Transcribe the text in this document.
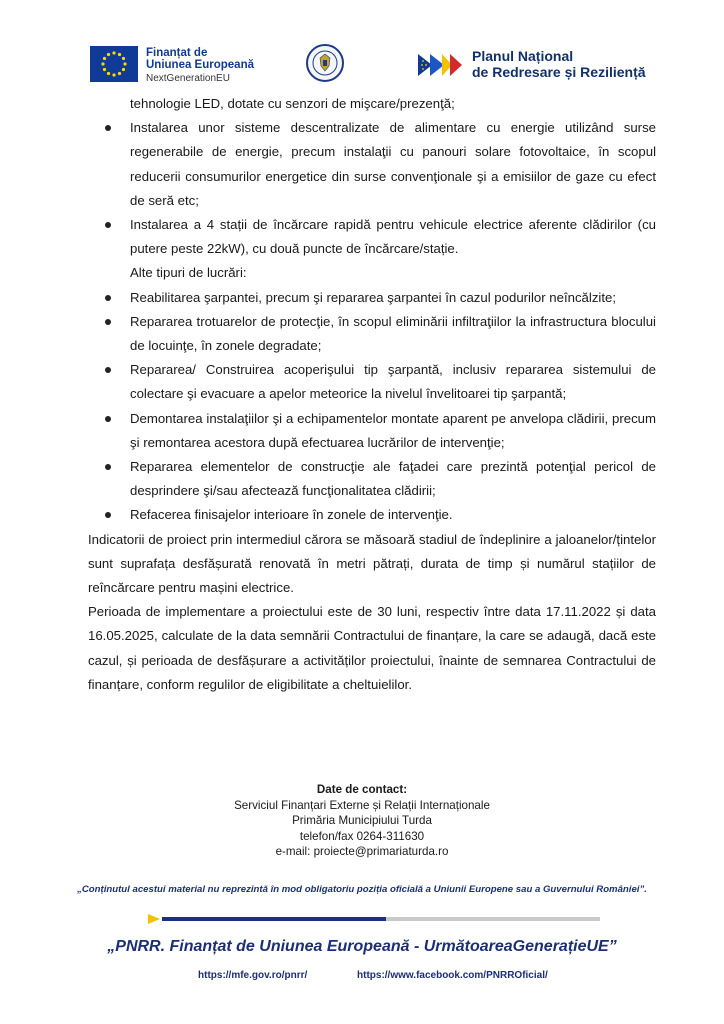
Finanțat de
Uniunea Europeană
NextGenerationEU
Planul Național
de Redresare și Reziliență
tehnologie LED, dotate cu senzori de mişcare/prezenţă;
Instalarea unor sisteme descentralizate de alimentare cu energie utilizând surse regenerabile de energie, precum instalaţii cu panouri solare fotovoltaice, în scopul reducerii consumurilor energetice din surse convenţionale şi a emisiilor de gaze cu efect de seră etc;
Instalarea a 4 stații de încărcare rapidă pentru vehicule electrice aferente clădirilor (cu putere peste 22kW), cu două puncte de încărcare/stație.
Alte tipuri de lucrări:
Reabilitarea şarpantei, precum şi repararea şarpantei în cazul podurilor neîncălzite;
Repararea trotuarelor de protecţie, în scopul eliminării infiltraţiilor la infrastructura blocului de locuinţe, în zonele degradate;
Repararea/ Construirea acoperişului tip şarpantă, inclusiv repararea sistemului de colectare şi evacuare a apelor meteorice la nivelul învelitoarei tip şarpantă;
Demontarea instalaţiilor şi a echipamentelor montate aparent pe anvelopa clădirii, precum şi remontarea acestora după efectuarea lucrărilor de intervenţie;
Repararea elementelor de construcţie ale faţadei care prezintă potenţial pericol de desprindere şi/sau afectează funcţionalitatea clădirii;
Refacerea finisajelor interioare în zonele de intervenţie.

Indicatorii de proiect prin intermediul cărora se măsoară stadiul de îndeplinire a jaloanelor/țintelor sunt suprafața desfășurată renovată în metri pătrați, durata de timp și numărul stațiilor de reîncărcare pentru mașini electrice.

Perioada de implementare a proiectului este de 30 luni, respectiv între data 17.11.2022 și data 16.05.2025, calculate de la data semnării Contractului de finanțare, la care se adaugă, dacă este cazul, și perioada de desfășurare a activităților proiectului, înainte de semnarea Contractului de finanțare, conform regulilor de eligibilitate a cheltuielilor.

Date de contact:
Serviciul Finanțari Externe și Relații Internaționale
Primăria Municipiului Turda
telefon/fax 0264-311630
e-mail: proiecte@primariaturda.ro
„Conținutul acestui material nu reprezintă în mod obligatoriu poziția oficială a Uniunii Europene sau a Guvernului României”.
„PNRR. Finanțat de Uniunea Europeană - UrmătoareaGenerațieUE”
https://mfe.gov.ro/pnrr/	https://www.facebook.com/PNRROficial/
